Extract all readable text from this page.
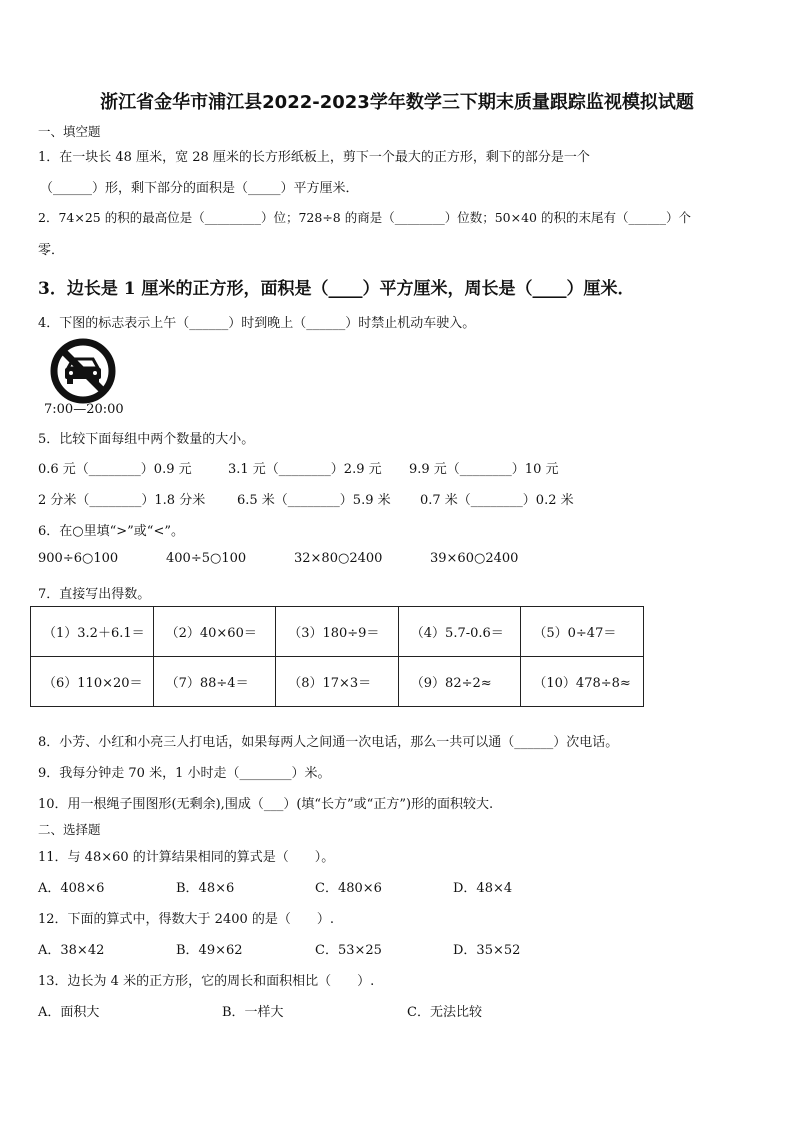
浙江省金华市浦江县2022-2023学年数学三下期末质量跟踪监视模拟试题
一、填空题
1．在一块长 48 厘米，宽 28 厘米的长方形纸板上，剪下一个最大的正方形，剩下的部分是一个
（______）形，剩下部分的面积是（_____）平方厘米．
2．74×25 的积的最高位是（_________）位；728÷8 的商是（________）位数；50×40 的积的末尾有（______）个
零．
3．边长是 1 厘米的正方形，面积是（____）平方厘米，周长是（____）厘米．
4．下图的标志表示上午（______）时到晚上（______）时禁止机动车驶入。
7:00—20:00
5．比较下面每组中两个数量的大小。
0.6 元（________）0.9 元	3.1 元（________）2.9 元 9.9 元（________）10 元
2 分米（________）1.8 分米 6.5 米（________）5.9 米 0.7 米（________）0.2 米
6．在○里填“>”或“<”。
900÷6○100	400÷5○100	32×80○2400	39×60○2400
7．直接写出得数。
（1）3.2＋6.1＝	（2）40×60＝	（3）180÷9＝	（4）5.7-0.6＝	（5）0÷47＝
（6）110×20＝	（7）88÷4＝	（8）17×3＝	（9）82÷2≈	（10）478÷8≈
8．小芳、小红和小亮三人打电话，如果每两人之间通一次电话，那么一共可以通（______）次电话。
9．我每分钟走 70 米，1 小时走（________）米。
10．用一根绳子围图形(无剩余),围成（___）(填“长方”或“正方”)形的面积较大.
二、选择题
11．与 48×60 的计算结果相同的算式是（　　）。
A．408×6	B．48×6	C．480×6	D．48×4
12．下面的算式中，得数大于 2400 的是（　　）.
A．38×42	B．49×62	C．53×25	D．35×52
13．边长为 4 米的正方形，它的周长和面积相比（　　）.
A．面积大	B．一样大	C．无法比较
